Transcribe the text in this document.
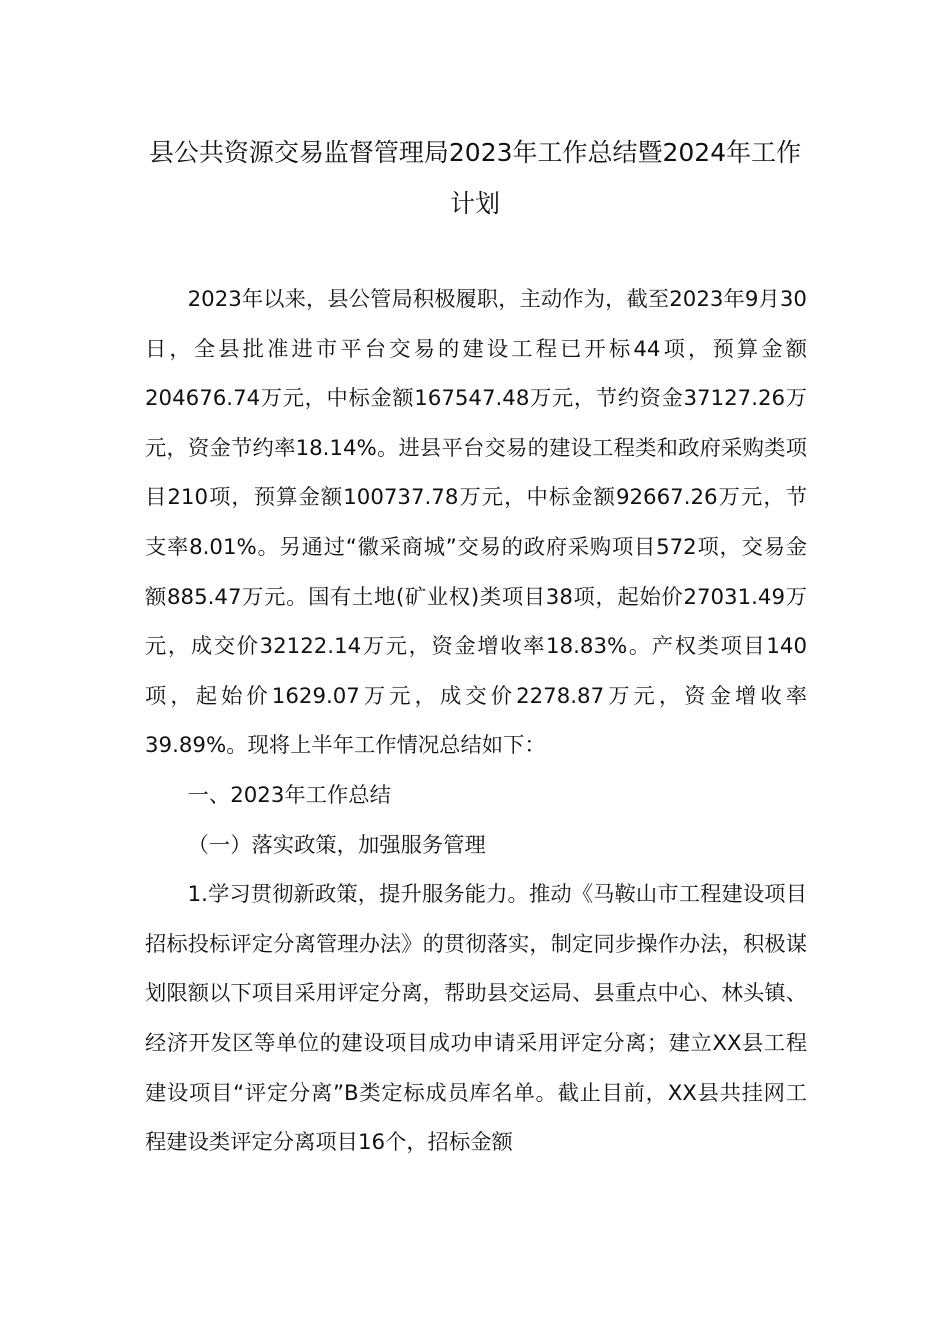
县公共资源交易监督管理局2023年工作总结暨2024年工作计划

2023年以来，县公管局积极履职，主动作为，截至2023年9月30日，全县批准进市平台交易的建设工程已开标44项，预算金额204676.74万元，中标金额167547.48万元，节约资金37127.26万元，资金节约率18.14%。进县平台交易的建设工程类和政府采购类项目210项，预算金额100737.78万元，中标金额92667.26万元，节支率8.01%。另通过“徽采商城”交易的政府采购项目572项，交易金额885.47万元。国有土地(矿业权)类项目38项，起始价27031.49万元，成交价32122.14万元，资金增收率18.83%。产权类项目140项，起始价1629.07万元，成交价2278.87万元，资金增收率39.89%。现将上半年工作情况总结如下：

一、2023年工作总结

（一）落实政策，加强服务管理

1.学习贯彻新政策，提升服务能力。推动《马鞍山市工程建设项目招标投标评定分离管理办法》的贯彻落实，制定同步操作办法，积极谋划限额以下项目采用评定分离，帮助县交运局、县重点中心、林头镇、经济开发区等单位的建设项目成功申请采用评定分离；建立XX县工程建设项目“评定分离”B类定标成员库名单。截止目前，XX县共挂网工程建设类评定分离项目16个，招标金额
